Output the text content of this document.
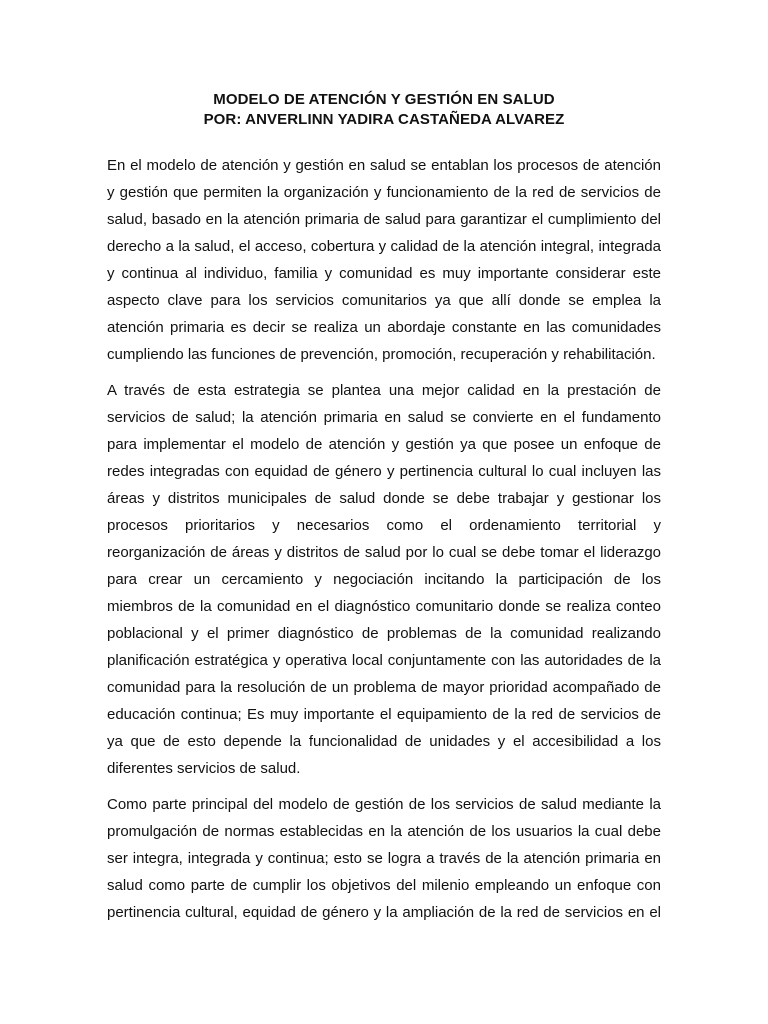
MODELO DE ATENCIÓN Y GESTIÓN EN SALUD
POR: ANVERLINN YADIRA CASTAÑEDA ALVAREZ
En el modelo de atención y gestión en salud se entablan los procesos de atención
y gestión que permiten la organización y funcionamiento de la red de servicios de
salud, basado en la atención primaria de salud para garantizar el cumplimiento del
derecho a la salud, el acceso, cobertura y calidad de la atención integral, integrada
y continua al individuo, familia y comunidad es muy importante considerar este
aspecto clave para los servicios comunitarios ya que allí donde se emplea la
atención primaria es decir se realiza un abordaje constante en las comunidades
cumpliendo las funciones de prevención, promoción, recuperación y rehabilitación.
A través de esta estrategia se plantea una mejor calidad en la prestación de
servicios de salud; la atención primaria en salud se convierte en el fundamento
para implementar el modelo de atención y gestión ya que posee un enfoque de
redes integradas con equidad de género y pertinencia cultural lo cual incluyen las
áreas y distritos municipales de salud donde se debe trabajar y gestionar los
procesos prioritarios y necesarios como el ordenamiento territorial y
reorganización de áreas y distritos de salud por lo cual se debe tomar el liderazgo
para crear un cercamiento y negociación incitando la participación de los
miembros de la comunidad en el diagnóstico comunitario donde se realiza conteo
poblacional y el primer diagnóstico de problemas de la comunidad realizando
planificación estratégica y operativa local conjuntamente con las autoridades de la
comunidad para la resolución de un problema de mayor prioridad acompañado de
educación continua; Es muy importante el equipamiento de la red de servicios de
ya que de esto depende la funcionalidad de unidades y el accesibilidad a los
diferentes servicios de salud.
Como parte principal del modelo de gestión de los servicios de salud mediante la
promulgación de normas establecidas en la atención de los usuarios la cual debe
ser integra, integrada y continua; esto se logra a través de la atención primaria en
salud como parte de cumplir los objetivos del milenio empleando un enfoque con
pertinencia cultural, equidad de género y la ampliación de la red de servicios en el
